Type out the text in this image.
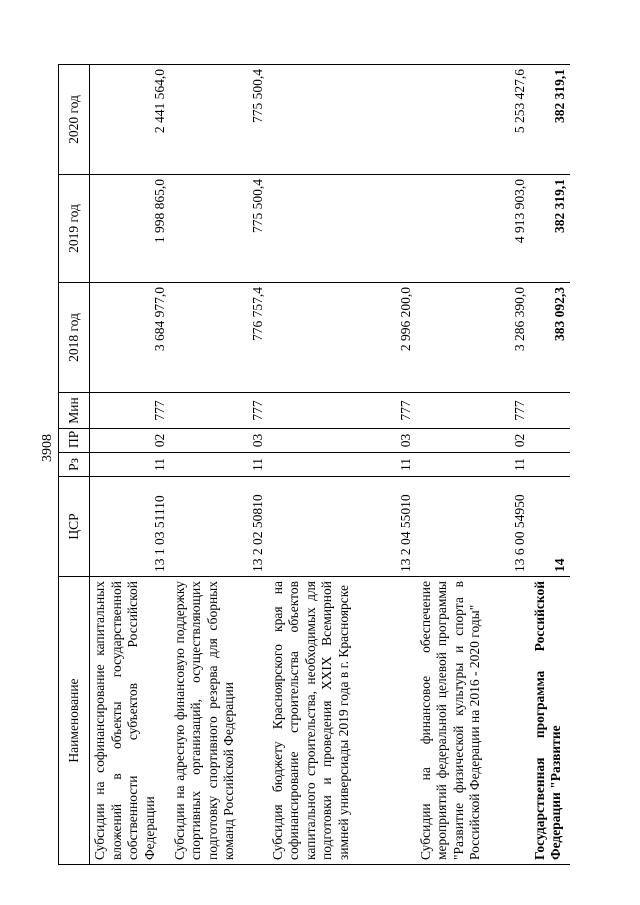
3908
Наименование	ЦСР	Рз	ПР	Мин	2018 год	2019 год	2020 год
Субсидии на софинансирование капитальных вложений в объекты государственной собственности субъектов Российской Федерации	13 1 03 51110	11	02	777	3 684 977,0	1 998 865,0	2 441 564,0
Субсидии на адресную финансовую поддержку спортивных организаций, осуществляющих подготовку спортивного резерва для сборных команд Российской Федерации	13 2 02 50810	11	03	777	776 757,4	775 500,4	775 500,4
Субсидия бюджету Красноярского края на софинансирование строительства объектов капитального строительства, необходимых для подготовки и проведения XXIX Всемирной зимней универсиады 2019 года в г. Красноярске	13 2 04 55010	11	03	777	2 996 200,0		
Субсидии на финансовое обеспечение мероприятий федеральной целевой программы "Развитие физической культуры и спорта в Российской Федерации на 2016 - 2020 годы"	13 6 00 54950	11	02	777	3 286 390,0	4 913 903,0	5 253 427,6
Государственная программа Российской Федерации "Развитие	14				383 092,3	382 319,1	382 319,1
